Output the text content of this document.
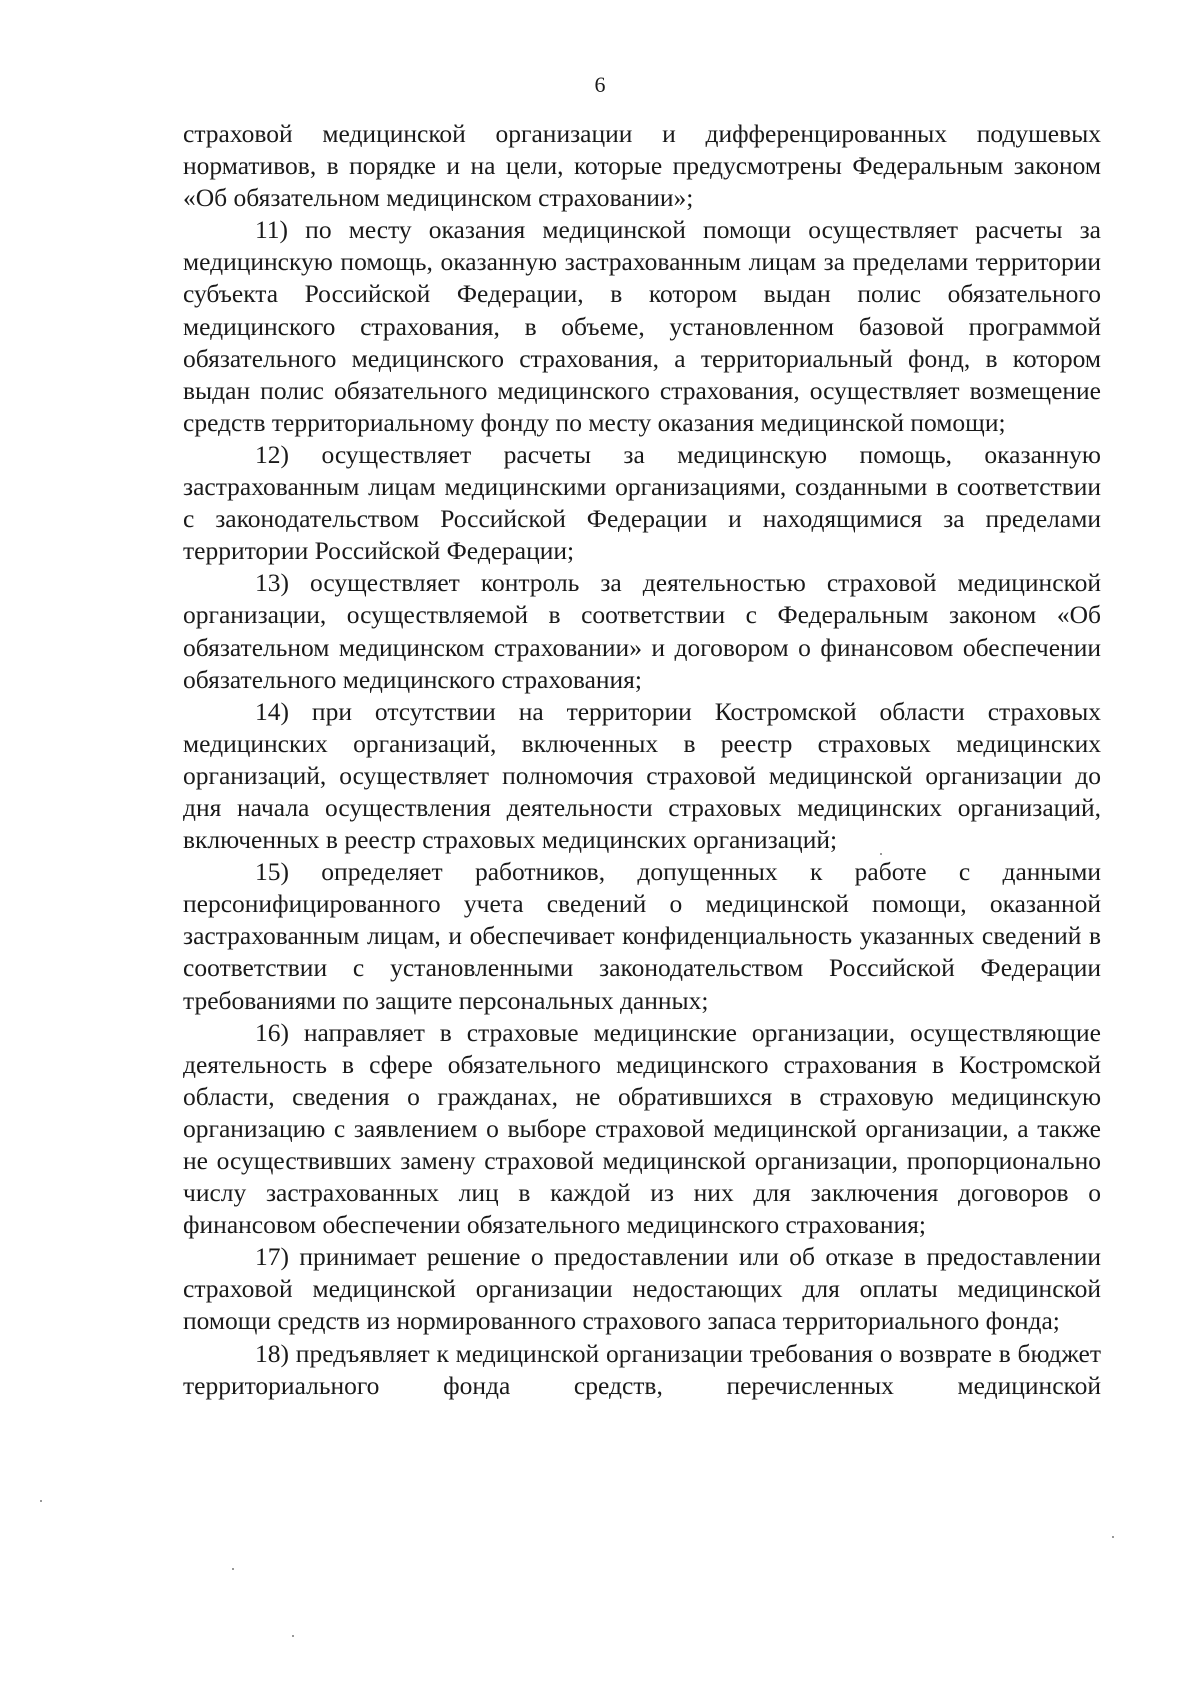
6

страховой медицинской организации и дифференцированных подушевых нормативов, в порядке и на цели, которые предусмотрены Федеральным законом «Об обязательном медицинском страховании»;

11) по месту оказания медицинской помощи осуществляет расчеты за медицинскую помощь, оказанную застрахованным лицам за пределами территории субъекта Российской Федерации, в котором выдан полис обязательного медицинского страхования, в объеме, установленном базовой программой обязательного медицинского страхования, а территориальный фонд, в котором выдан полис обязательного медицинского страхования, осуществляет возмещение средств территориальному фонду по месту оказания медицинской помощи;

12) осуществляет расчеты за медицинскую помощь, оказанную застрахованным лицам медицинскими организациями, созданными в соответствии с законодательством Российской Федерации и находящимися за пределами территории Российской Федерации;

13) осуществляет контроль за деятельностью страховой медицинской организации, осуществляемой в соответствии с Федеральным законом «Об обязательном медицинском страховании» и договором о финансовом обеспечении обязательного медицинского страхования;

14) при отсутствии на территории Костромской области страховых медицинских организаций, включенных в реестр страховых медицинских организаций, осуществляет полномочия страховой медицинской организации до дня начала осуществления деятельности страховых медицинских организаций, включенных в реестр страховых медицинских организаций;

15) определяет работников, допущенных к работе с данными персонифицированного учета сведений о медицинской помощи, оказанной застрахованным лицам, и обеспечивает конфиденциальность указанных сведений в соответствии с установленными законодательством Российской Федерации требованиями по защите персональных данных;

16) направляет в страховые медицинские организации, осуществляющие деятельность в сфере обязательного медицинского страхования в Костромской области, сведения о гражданах, не обратившихся в страховую медицинскую организацию с заявлением о выборе страховой медицинской организации, а также не осуществивших замену страховой медицинской организации, пропорционально числу застрахованных лиц в каждой из них для заключения договоров о финансовом обеспечении обязательного медицинского страхования;

17) принимает решение о предоставлении или об отказе в предоставлении страховой медицинской организации недостающих для оплаты медицинской помощи средств из нормированного страхового запаса территориального фонда;

18) предъявляет к медицинской организации требования о возврате в бюджет территориального фонда средств, перечисленных медицинской
